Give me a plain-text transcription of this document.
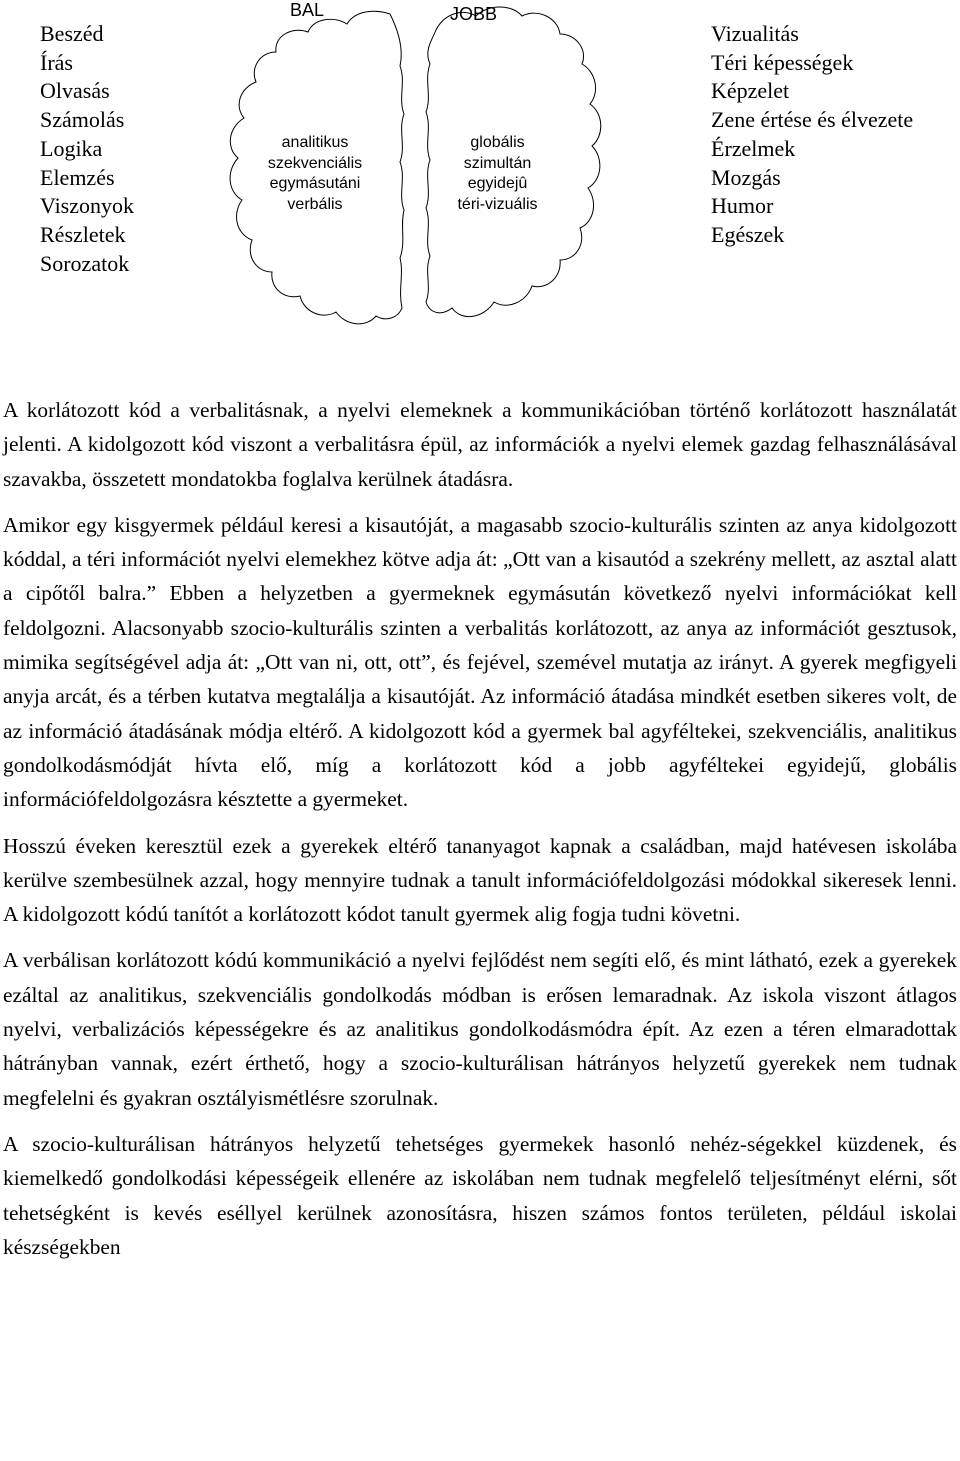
Beszéd
Írás
Olvasás
Számolás
Logika
Elemzés
Viszonyok
Részletek
Sorozatok
BAL	JOBB
analitikus
szekvenciális
egymásutáni
verbális
globális
szimultán
egyidejû
téri-vizuális
Vizualitás
Téri képességek
Képzelet
Zene értése és élvezete
Érzelmek
Mozgás
Humor
Egészek

A korlátozott kód a verbalitásnak, a nyelvi elemeknek a kommunikációban történő korlátozott használatát jelenti. A kidolgozott kód viszont a verbalitásra épül, az információk a nyelvi elemek gazdag felhasználásával szavakba, összetett mondatokba foglalva kerülnek átadásra.

Amikor egy kisgyermek például keresi a kisautóját, a magasabb szocio-kulturális szinten az anya kidolgozott kóddal, a téri információt nyelvi elemekhez kötve adja át: „Ott van a kisautód a szekrény mellett, az asztal alatt a cipőtől balra.” Ebben a helyzetben a gyermeknek egymásután következő nyelvi információkat kell feldolgozni. Alacsonyabb szocio-kulturális szinten a verbalitás korlátozott, az anya az információt gesztusok, mimika segítségével adja át: „Ott van ni, ott, ott”, és fejével, szemével mutatja az irányt. A gyerek megfigyeli anyja arcát, és a térben kutatva megtalálja a kisautóját. Az információ átadása mindkét esetben sikeres volt, de az információ átadásának módja eltérő. A kidolgozott kód a gyermek bal agyféltekei, szekvenciális, analitikus gondolkodásmódját hívta elő, míg a korlátozott kód a jobb agyféltekei egyidejű, globális információfeldolgozásra késztette a gyermeket.

Hosszú éveken keresztül ezek a gyerekek eltérő tananyagot kapnak a családban, majd hatévesen iskolába kerülve szembesülnek azzal, hogy mennyire tudnak a tanult információfeldolgozási módokkal sikeresek lenni. A kidolgozott kódú tanítót a korlátozott kódot tanult gyermek alig fogja tudni követni.

A verbálisan korlátozott kódú kommunikáció a nyelvi fejlődést nem segíti elő, és mint látható, ezek a gyerekek ezáltal az analitikus, szekvenciális gondolkodás módban is erősen lemaradnak. Az iskola viszont átlagos nyelvi, verbalizációs képességekre és az analitikus gondolkodásmódra épít. Az ezen a téren elmaradottak hátrányban vannak, ezért érthető, hogy a szocio-kulturálisan hátrányos helyzetű gyerekek nem tudnak megfelelni és gyakran osztályismétlésre szorulnak.

A szocio-kulturálisan hátrányos helyzetű tehetséges gyermekek hasonló nehéz-ségekkel küzdenek, és kiemelkedő gondolkodási képességeik ellenére az iskolában nem tudnak megfelelő teljesítményt elérni, sőt tehetségként is kevés eséllyel kerülnek azonosításra, hiszen számos fontos területen, például iskolai készségekben
